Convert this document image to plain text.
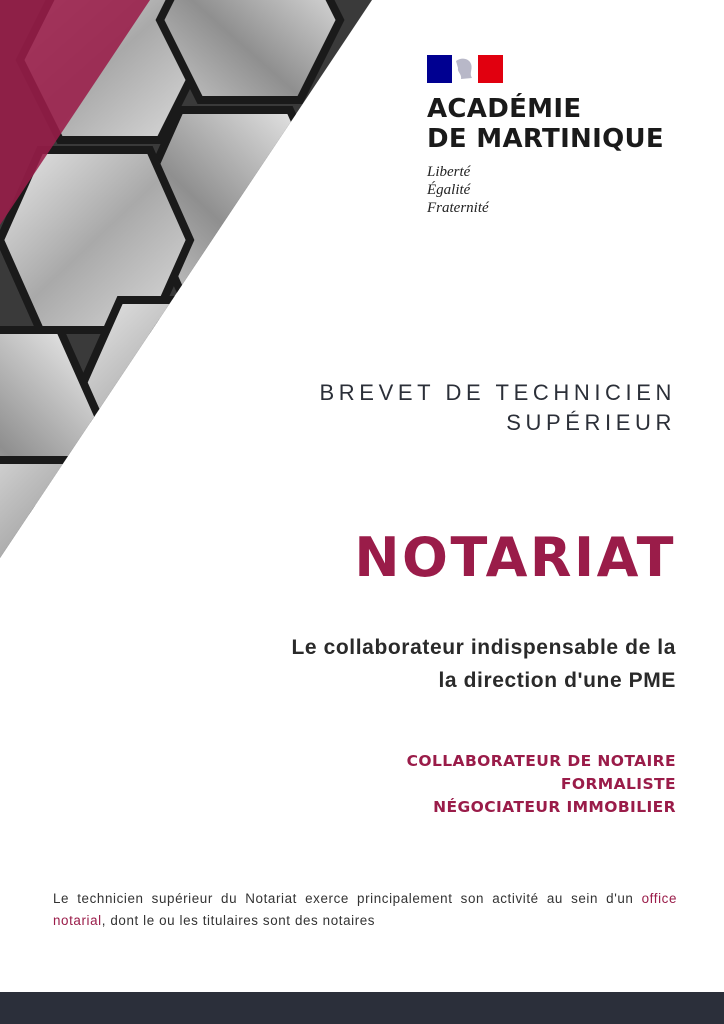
ACADÉMIE
DE MARTINIQUE
Liberté
Égalité
Fraternité
BREVET DE TECHNICIEN
SUPÉRIEUR
NOTARIAT
Le collaborateur indispensable de la
la direction d'une PME
COLLABORATEUR DE NOTAIRE
FORMALISTE
NÉGOCIATEUR IMMOBILIER

Le technicien supérieur du Notariat exerce principalement son activité au sein d'un office notarial, dont le ou les titulaires sont des notaires
